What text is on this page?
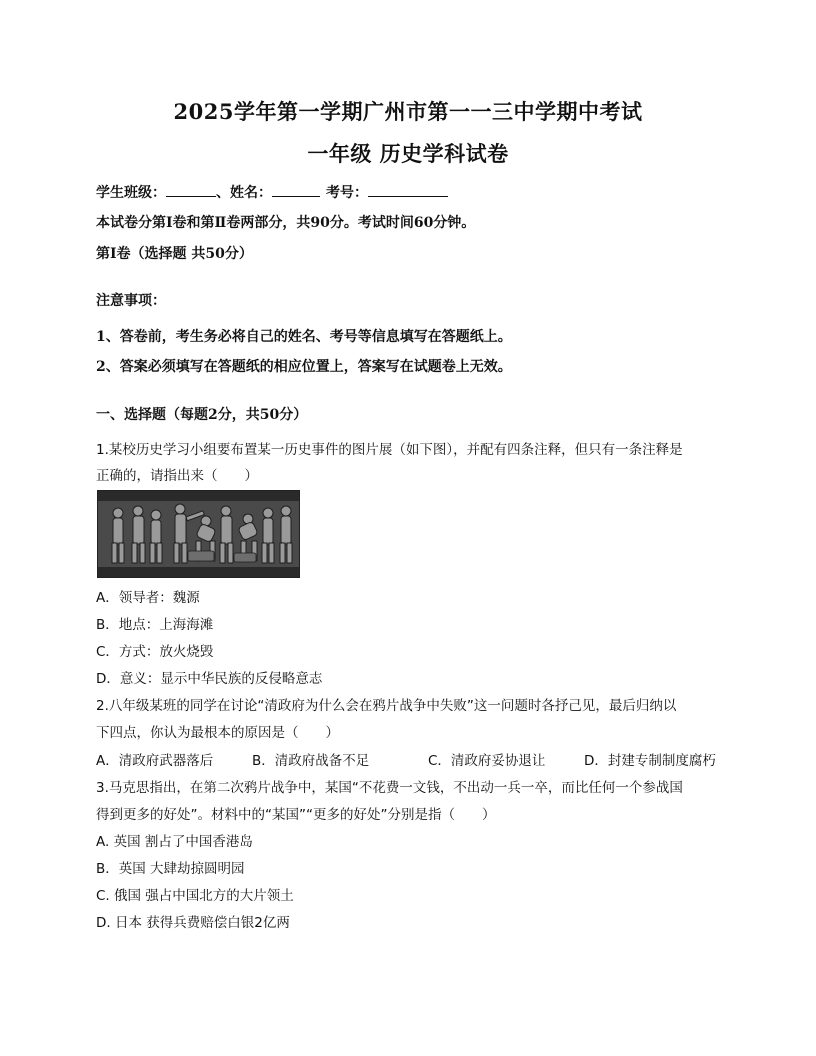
2025学年第一学期广州市第一一三中学期中考试
一年级 历史学科试卷
学生班级：	、姓名：	考号：
本试卷分第Ⅰ卷和第Ⅱ卷两部分，共90分。考试时间60分钟。
第Ⅰ卷（选择题 共50分）
注意事项：
1、答卷前，考生务必将自己的姓名、考号等信息填写在答题纸上。
2、答案必须填写在答题纸的相应位置上，答案写在试题卷上无效。
一、选择题（每题2分，共50分）
1.某校历史学习小组要布置某一历史事件的图片展（如下图），并配有四条注释，但只有一条注释是
正确的，请指出来（　　）
A．领导者：魏源
B．地点：上海海滩
C．方式：放火烧毁
D．意义：显示中华民族的反侵略意志
2.八年级某班的同学在讨论“清政府为什么会在鸦片战争中失败”这一问题时各抒己见，最后归纳以
下四点，你认为最根本的原因是（　　）
A．清政府武器落后	B．清政府战备不足	C．清政府妥协退让	D．封建专制制度腐朽
3.马克思指出，在第二次鸦片战争中，某国“不花费一文钱，不出动一兵一卒，而比任何一个参战国
得到更多的好处”。材料中的“某国”“更多的好处”分别是指（　　）
A. 英国 割占了中国香港岛
B．英国 大肆劫掠圆明园
C. 俄国 强占中国北方的大片领土
D. 日本 获得兵费赔偿白银2亿两
